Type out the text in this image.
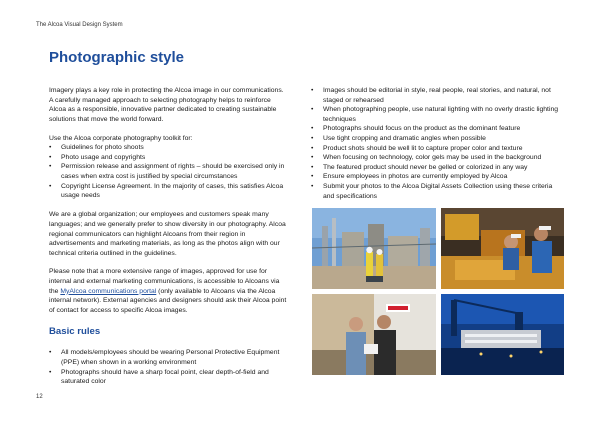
The Alcoa Visual Design System
Photographic style

Imagery plays a key role in protecting the Alcoa image in our communications. A carefully managed approach to selecting photography helps to reinforce Alcoa as a responsible, innovative partner dedicated to creating sustainable solutions that move the world forward.

Use the Alcoa corporate photography toolkit for:

• Guidelines for photo shoots
• Photo usage and copyrights
• Permission release and assignment of rights – should be exercised only in cases when extra cost is justified by special circumstances
• Copyright License Agreement. In the majority of cases, this satisfies Alcoa usage needs

We are a global organization; our employees and customers speak many languages; and we generally prefer to show diversity in our photography. Alcoa regional communicators can highlight Alcoans from their region in advertisements and marketing materials, as long as the photos align with our technical criteria outlined in the guidelines.

Please note that a more extensive range of images, approved for use for internal and external marketing communications, is accessible to Alcoans via the MyAlcoa communications portal (only available to Alcoans via the Alcoa internal network). External agencies and designers should ask their Alcoa point of contact for access to specific Alcoa images.

Basic rules
• All models/employees should be wearing Personal Protective Equipment (PPE) when shown in a working environment
• Photographs should have a sharp focal point, clear depth-of-field and saturated color
• Images should be editorial in style, real people, real stories, and natural, not staged or rehearsed
• When photographing people, use natural lighting with no overly drastic lighting techniques
• Photographs should focus on the product as the dominant feature
• Use tight cropping and dramatic angles when possible
• Product shots should be well lit to capture proper color and texture
• When focusing on technology, color gels may be used in the background
• The featured product should never be gelled or colorized in any way
• Ensure employees in photos are currently employed by Alcoa
• Submit your photos to the Alcoa Digital Assets Collection using these criteria and specifications
12
